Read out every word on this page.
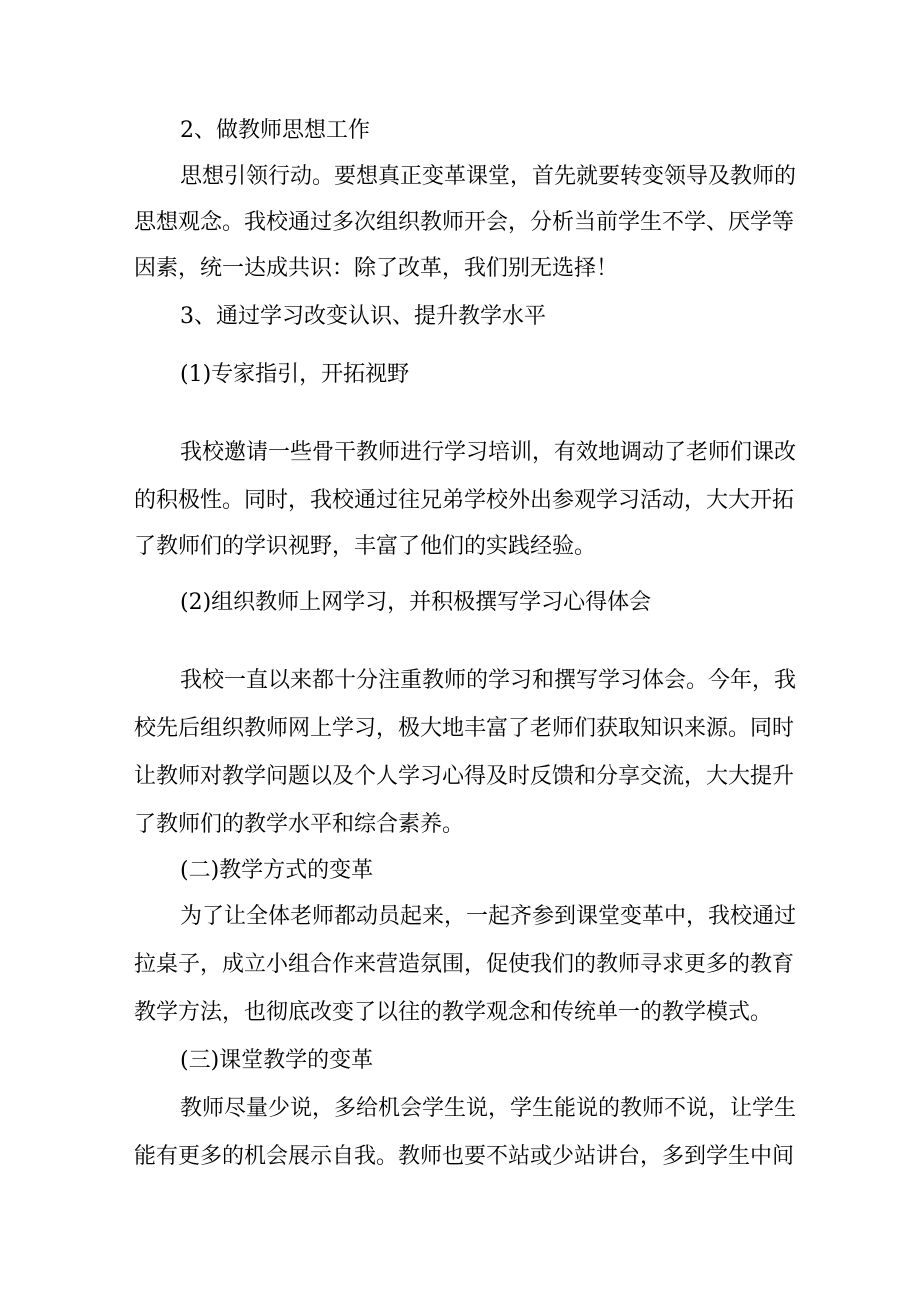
2、做教师思想工作

思想引领行动。要想真正变革课堂，首先就要转变领导及教师的

思想观念。我校通过多次组织教师开会，分析当前学生不学、厌学等

因素，统一达成共识：除了改革，我们别无选择！

3、通过学习改变认识、提升教学水平

(1)专家指引，开拓视野

我校邀请一些骨干教师进行学习培训，有效地调动了老师们课改

的积极性。同时，我校通过往兄弟学校外出参观学习活动，大大开拓

了教师们的学识视野，丰富了他们的实践经验。

(2)组织教师上网学习，并积极撰写学习心得体会

我校一直以来都十分注重教师的学习和撰写学习体会。今年，我

校先后组织教师网上学习，极大地丰富了老师们获取知识来源。同时

让教师对教学问题以及个人学习心得及时反馈和分享交流，大大提升

了教师们的教学水平和综合素养。

(二)教学方式的变革

为了让全体老师都动员起来，一起齐参到课堂变革中，我校通过

拉桌子，成立小组合作来营造氛围，促使我们的教师寻求更多的教育

教学方法，也彻底改变了以往的教学观念和传统单一的教学模式。

(三)课堂教学的变革

教师尽量少说，多给机会学生说，学生能说的教师不说，让学生

能有更多的机会展示自我。教师也要不站或少站讲台，多到学生中间
